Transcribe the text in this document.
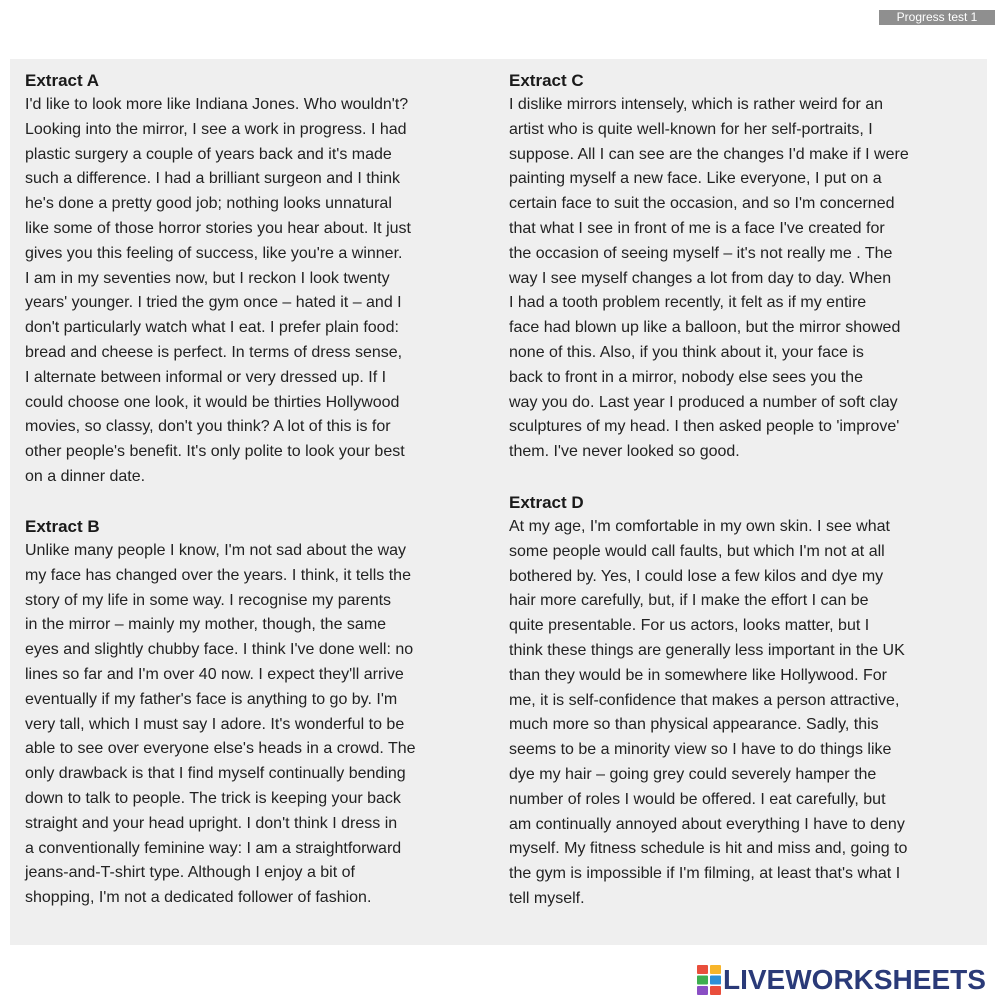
Progress test 1
Extract A
I'd like to look more like Indiana Jones. Who wouldn't?
Looking into the mirror, I see a work in progress. I had
plastic surgery a couple of years back and it's made
such a difference. I had a brilliant surgeon and I think
he's done a pretty good job; nothing looks unnatural
like some of those horror stories you hear about. It just
gives you this feeling of success, like you're a winner.
I am in my seventies now, but I reckon I look twenty
years' younger. I tried the gym once – hated it – and I
don't particularly watch what I eat. I prefer plain food:
bread and cheese is perfect. In terms of dress sense,
I alternate between informal or very dressed up. If I
could choose one look, it would be thirties Hollywood
movies, so classy, don't you think? A lot of this is for
other people's benefit. It's only polite to look your best
on a dinner date.
Extract B
Unlike many people I know, I'm not sad about the way
my face has changed over the years. I think, it tells the
story of my life in some way. I recognise my parents
in the mirror – mainly my mother, though, the same
eyes and slightly chubby face. I think I've done well: no
lines so far and I'm over 40 now. I expect they'll arrive
eventually if my father's face is anything to go by. I'm
very tall, which I must say I adore. It's wonderful to be
able to see over everyone else's heads in a crowd. The
only drawback is that I find myself continually bending
down to talk to people. The trick is keeping your back
straight and your head upright. I don't think I dress in
a conventionally feminine way: I am a straightforward
jeans-and-T-shirt type. Although I enjoy a bit of
shopping, I'm not a dedicated follower of fashion.
Extract C
I dislike mirrors intensely, which is rather weird for an
artist who is quite well-known for her self-portraits, I
suppose. All I can see are the changes I'd make if I were
painting myself a new face. Like everyone, I put on a
certain face to suit the occasion, and so I'm concerned
that what I see in front of me is a face I've created for
the occasion of seeing myself – it's not really me . The
way I see myself changes a lot from day to day. When
I had a tooth problem recently, it felt as if my entire
face had blown up like a balloon, but the mirror showed
none of this. Also, if you think about it, your face is
back to front in a mirror, nobody else sees you the
way you do. Last year I produced a number of soft clay
sculptures of my head. I then asked people to 'improve'
them. I've never looked so good.
Extract D
At my age, I'm comfortable in my own skin. I see what
some people would call faults, but which I'm not at all
bothered by. Yes, I could lose a few kilos and dye my
hair more carefully, but, if I make the effort I can be
quite presentable. For us actors, looks matter, but I
think these things are generally less important in the UK
than they would be in somewhere like Hollywood. For
me, it is self-confidence that makes a person attractive,
much more so than physical appearance. Sadly, this
seems to be a minority view so I have to do things like
dye my hair – going grey could severely hamper the
number of roles I would be offered. I eat carefully, but
am continually annoyed about everything I have to deny
myself. My fitness schedule is hit and miss and, going to
the gym is impossible if I'm filming, at least that's what I
tell myself.
LIVEWORKSHEETS
